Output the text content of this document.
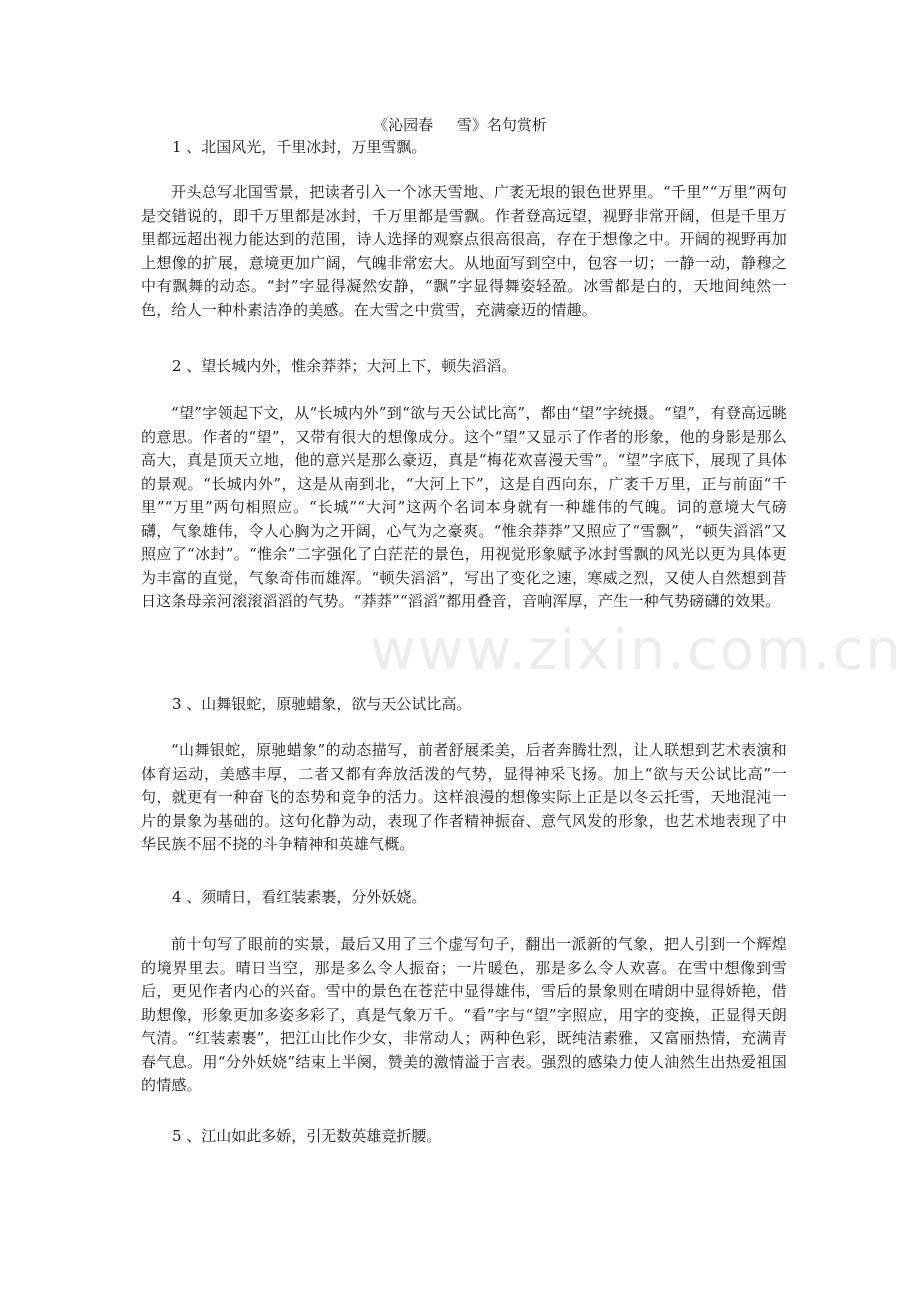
www.zixin.com.cn
《沁园春     雪》名句赏析
1 、北国风光，千里冰封，万里雪飘。
开头总写北国雪景，把读者引入一个冰天雪地、广袤无垠的银色世界里。“千里”“万里”两句是交错说的，即千万里都是冰封，千万里都是雪飘。作者登高远望，视野非常开阔，但是千里万里都远超出视力能达到的范围，诗人选择的观察点很高很高，存在于想像之中。开阔的视野再加上想像的扩展，意境更加广阔，气魄非常宏大。从地面写到空中，包容一切；一静一动，静穆之中有飘舞的动态。“封”字显得凝然安静，“飘”字显得舞姿轻盈。冰雪都是白的，天地间纯然一色，给人一种朴素洁净的美感。在大雪之中赏雪，充满豪迈的情趣。
2 、望长城内外，惟余莽莽；大河上下，顿失滔滔。
“望”字领起下文，从“长城内外”到“欲与天公试比高”，都由“望”字统摄。“望”，有登高远眺的意思。作者的“望”，又带有很大的想像成分。这个“望”又显示了作者的形象，他的身影是那么高大，真是顶天立地，他的意兴是那么豪迈，真是“梅花欢喜漫天雪”。“望”字底下，展现了具体的景观。“长城内外”，这是从南到北，“大河上下”，这是自西向东，广袤千万里，正与前面“千里”“万里”两句相照应。“长城”“大河”这两个名词本身就有一种雄伟的气魄。词的意境大气磅礴，气象雄伟，令人心胸为之开阔，心气为之豪爽。“惟余莽莽”又照应了“雪飘”，“顿失滔滔”又照应了“冰封”。“惟余”二字强化了白茫茫的景色，用视觉形象赋予冰封雪飘的风光以更为具体更为丰富的直觉，气象奇伟而雄浑。“顿失滔滔”，写出了变化之速，寒威之烈，又使人自然想到昔日这条母亲河滚滚滔滔的气势。“莽莽”“滔滔”都用叠音，音响浑厚，产生一种气势磅礴的效果。
3 、山舞银蛇，原驰蜡象，欲与天公试比高。
“山舞银蛇，原驰蜡象”的动态描写，前者舒展柔美，后者奔腾壮烈，让人联想到艺术表演和体育运动，美感丰厚，二者又都有奔放活泼的气势，显得神采飞扬。加上“欲与天公试比高”一句，就更有一种奋飞的态势和竞争的活力。这样浪漫的想像实际上正是以冬云托雪，天地混沌一片的景象为基础的。这句化静为动，表现了作者精神振奋、意气风发的形象，也艺术地表现了中华民族不屈不挠的斗争精神和英雄气概。
4 、须晴日，看红装素裹，分外妖娆。
前十句写了眼前的实景，最后又用了三个虚写句子，翻出一派新的气象，把人引到一个辉煌的境界里去。晴日当空，那是多么令人振奋；一片暖色，那是多么令人欢喜。在雪中想像到雪后，更见作者内心的兴奋。雪中的景色在苍茫中显得雄伟，雪后的景象则在晴朗中显得娇艳，借助想像，形象更加多姿多彩了，真是气象万千。“看”字与“望”字照应，用字的变换，正显得天朗气清。“红装素裹”，把江山比作少女，非常动人；两种色彩，既纯洁素雅，又富丽热情，充满青春气息。用“分外妖娆”结束上半阕，赞美的激情溢于言表。强烈的感染力使人油然生出热爱祖国的情感。
5 、江山如此多娇，引无数英雄竞折腰。
